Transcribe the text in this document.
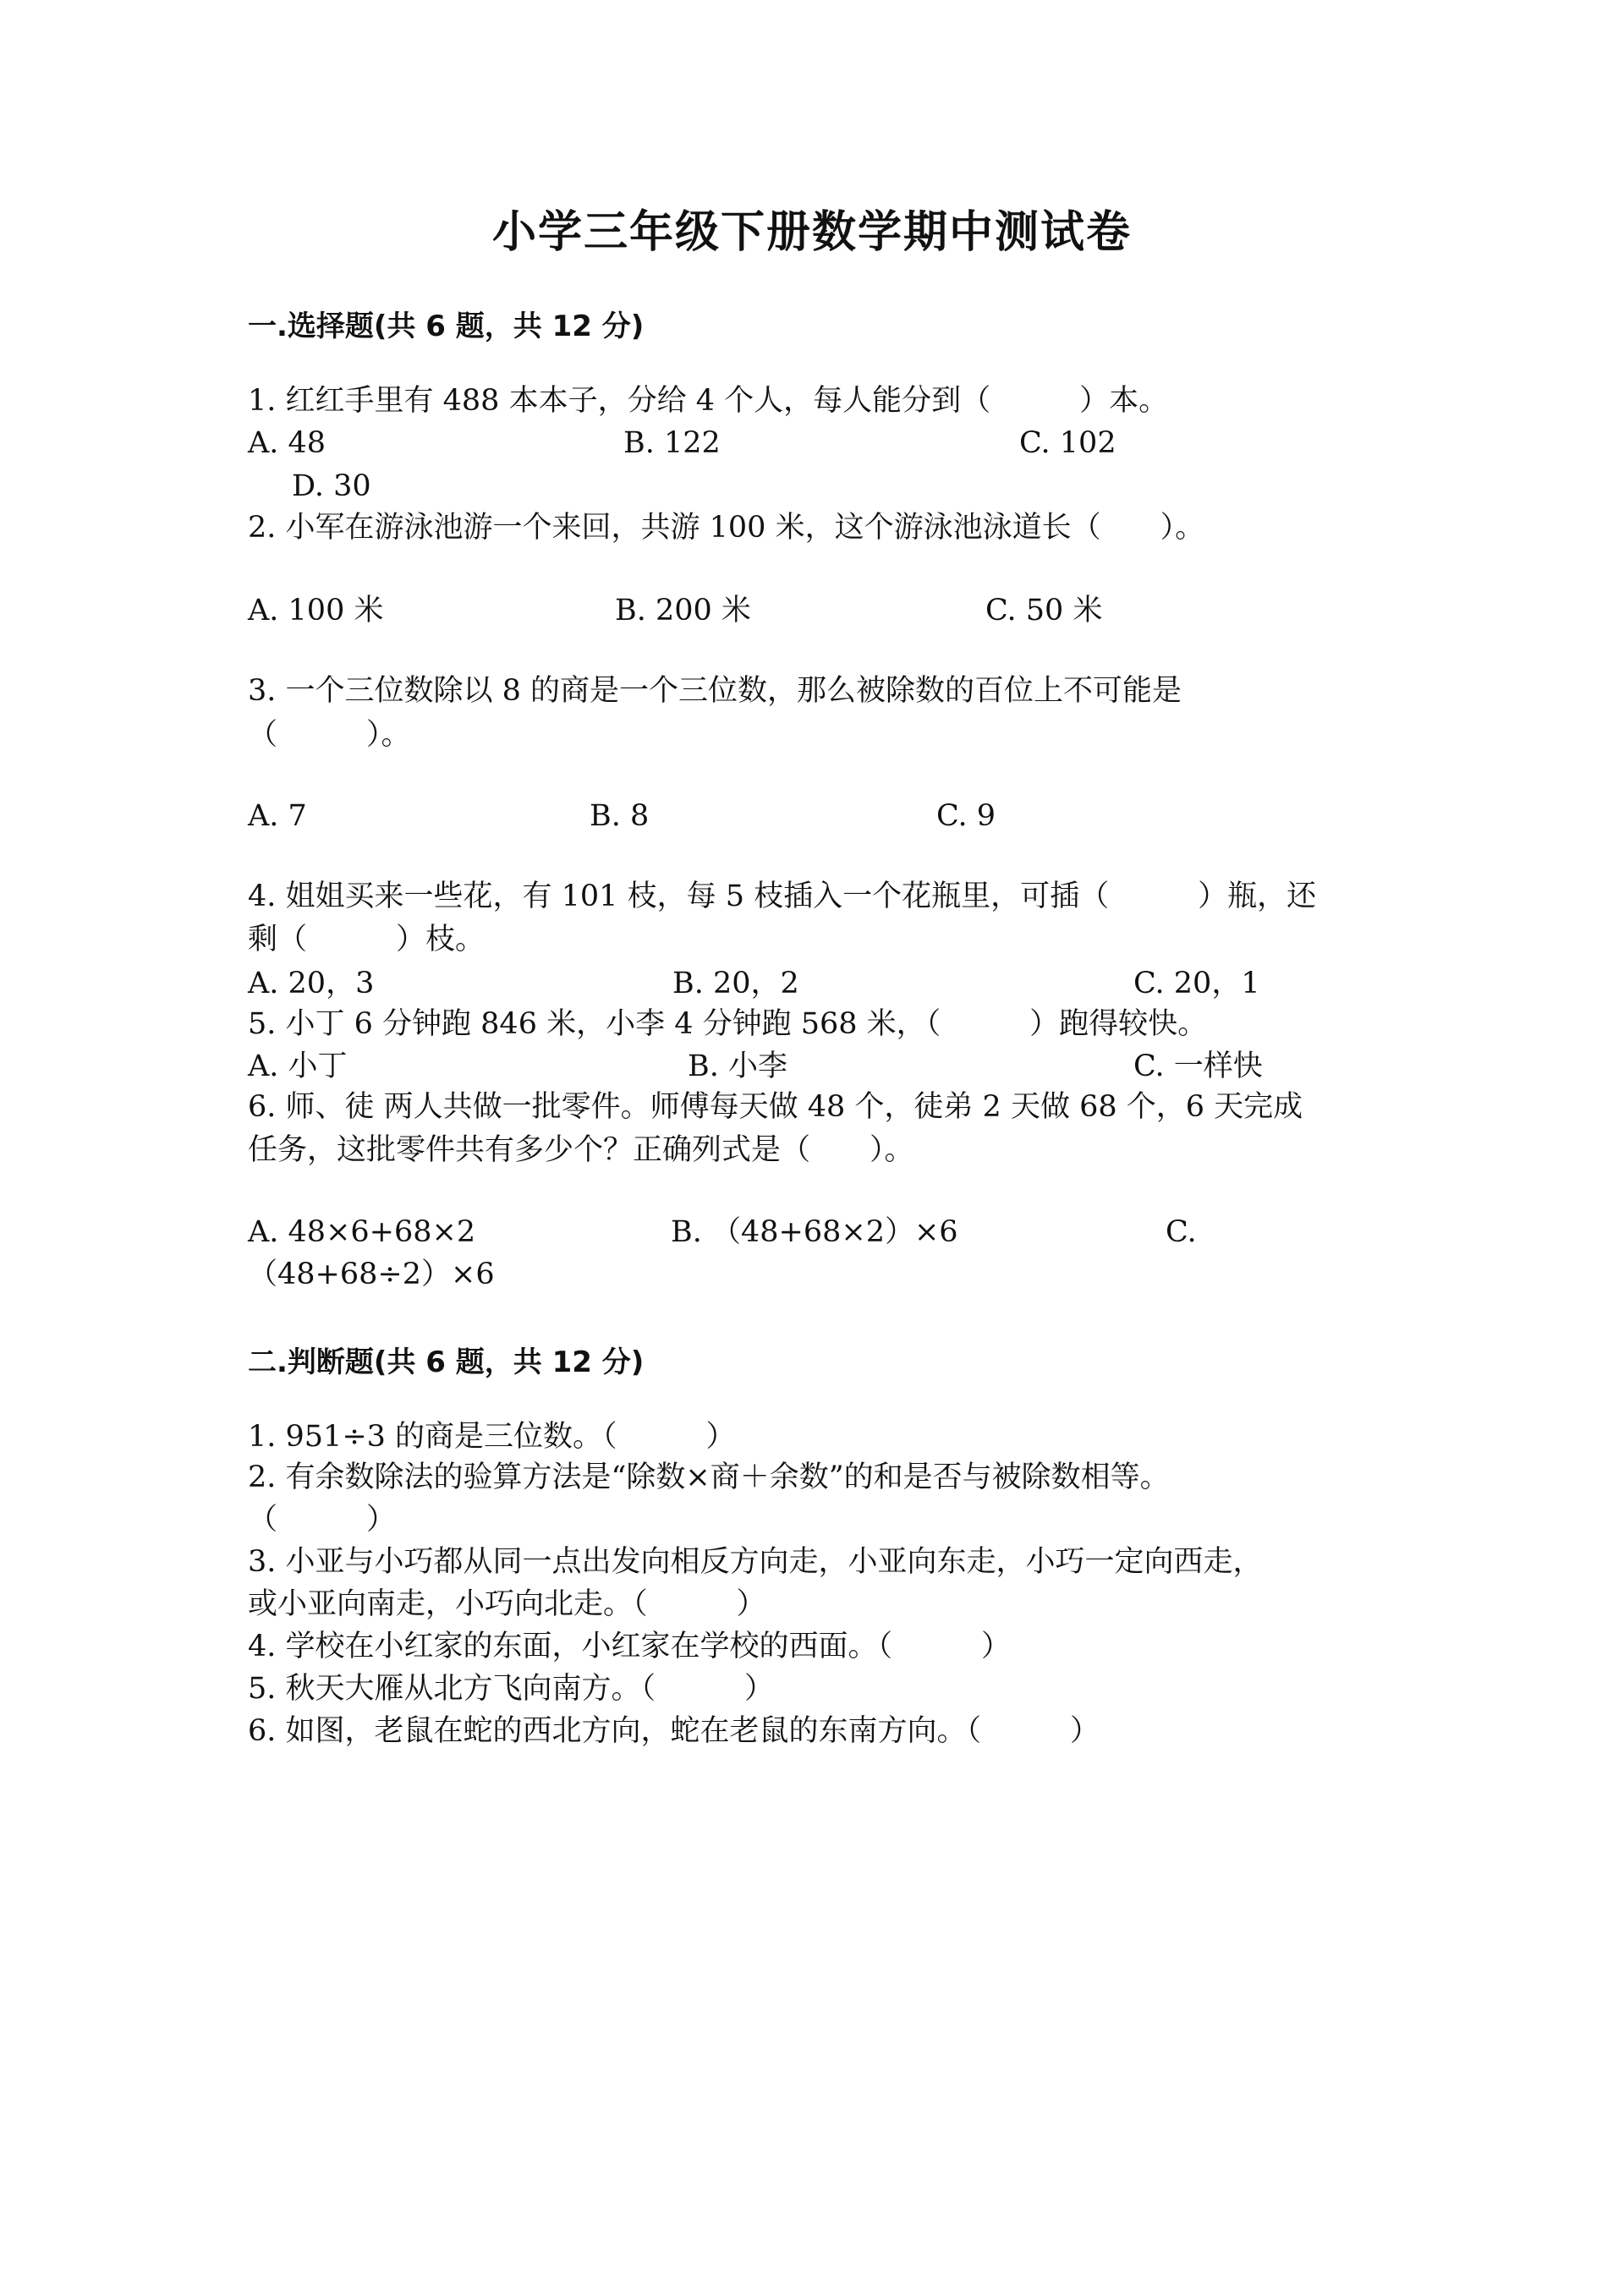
小学三年级下册数学期中测试卷
一.选择题(共 6 题，共 12 分)
1. 红红手里有 488 本本子，分给 4 个人，每人能分到（　　　）本。
A. 48	B. 122	C. 102
D. 30
2. 小军在游泳池游一个来回，共游 100 米，这个游泳池泳道长（　　）。
A. 100 米	B. 200 米	C. 50 米
3. 一个三位数除以 8 的商是一个三位数，那么被除数的百位上不可能是
（　　　）。
A. 7	B. 8	C. 9
4. 姐姐买来一些花，有 101 枝，每 5 枝插入一个花瓶里，可插（　　　）瓶，还
剩（　　　）枝。
A. 20，3	B. 20，2	C. 20，1
5. 小丁 6 分钟跑 846 米，小李 4 分钟跑 568 米，（　　　）跑得较快。
A. 小丁	B. 小李	C. 一样快
6. 师、徒 两人共做一批零件。师傅每天做 48 个，徒弟 2 天做 68 个，6 天完成
任务，这批零件共有多少个？正确列式是（　　）。
A. 48×6+68×2	B. （48+68×2）×6	C.
（48+68÷2）×6
二.判断题(共 6 题，共 12 分)
1. 951÷3 的商是三位数。（　　　）
2. 有余数除法的验算方法是“除数×商＋余数”的和是否与被除数相等。
（　　　）
3. 小亚与小巧都从同一点出发向相反方向走，小亚向东走，小巧一定向西走，
或小亚向南走，小巧向北走。（　　　）
4. 学校在小红家的东面，小红家在学校的西面。（　　　）
5. 秋天大雁从北方飞向南方。（　　　）
6. 如图，老鼠在蛇的西北方向，蛇在老鼠的东南方向。（　　　）
